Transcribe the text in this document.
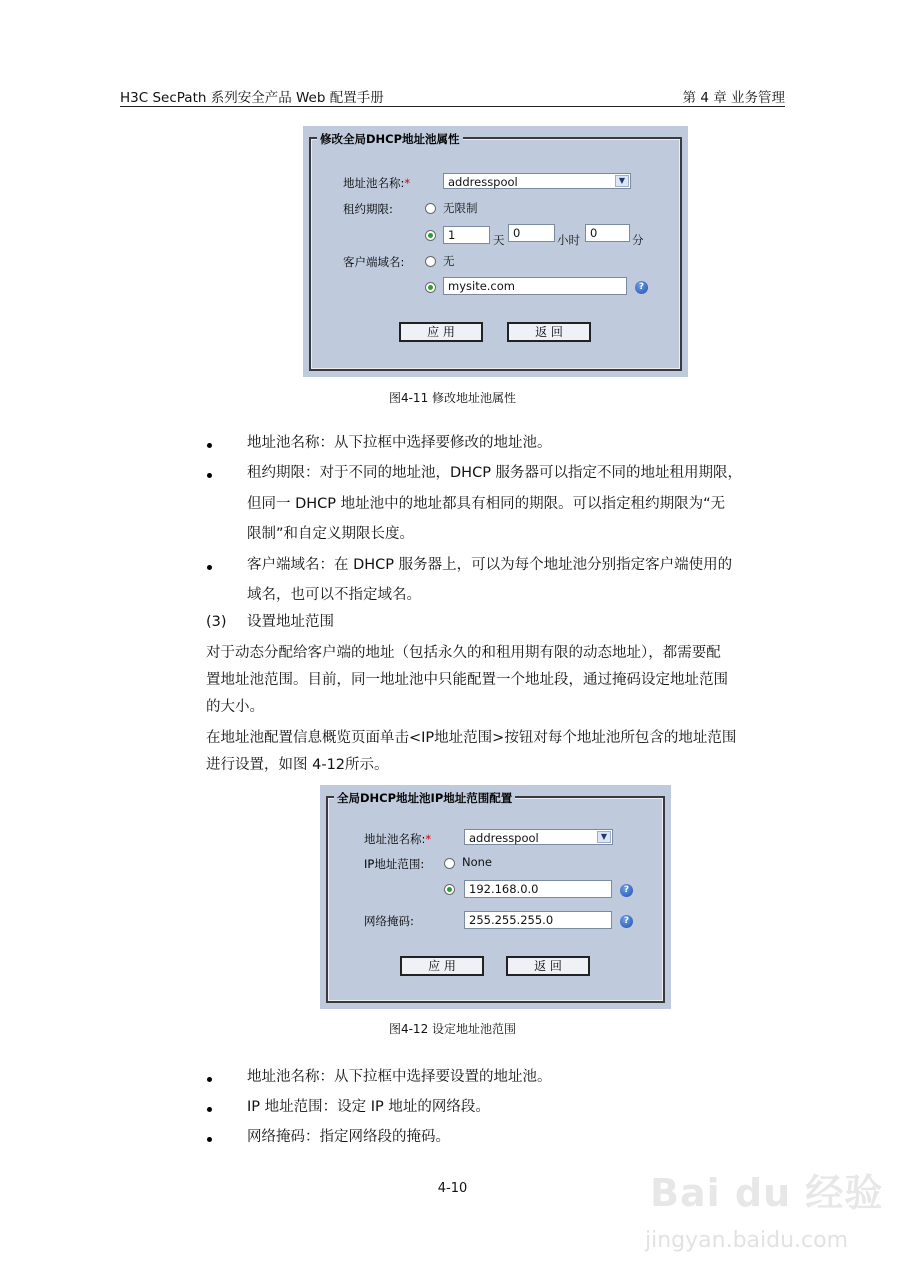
H3C SecPath 系列安全产品 Web 配置手册	第 4 章 业务管理
修改全局DHCP地址池属性
地址池名称:*	addresspool	▼
租约期限:	无限制
1	天 0	小时 0	分
客户端域名:	无
mysite.com	?
应 用	返 回
图4-11 修改地址池属性
地址池名称：从下拉框中选择要修改的地址池。
租约期限：对于不同的地址池，DHCP 服务器可以指定不同的地址租用期限，
但同一 DHCP 地址池中的地址都具有相同的期限。可以指定租约期限为“无
限制”和自定义期限长度。
客户端域名：在 DHCP 服务器上，可以为每个地址池分别指定客户端使用的
域名，也可以不指定域名。
(3) 设置地址范围
对于动态分配给客户端的地址（包括永久的和租用期有限的动态地址），都需要配
置地址池范围。目前，同一地址池中只能配置一个地址段，通过掩码设定地址范围
的大小。
在地址池配置信息概览页面单击<IP地址范围>按钮对每个地址池所包含的地址范围
进行设置，如图 4-12所示。
全局DHCP地址池IP地址范围配置
地址池名称:*	addresspool	▼
IP地址范围:	None
192.168.0.0	?
网络掩码:	255.255.255.0	?
应 用	返 回
图4-12 设定地址池范围
地址池名称：从下拉框中选择要设置的地址池。
IP 地址范围：设定 IP 地址的网络段。
网络掩码：指定网络段的掩码。
4-10	Bai du 经验
jingyan.baidu.com
